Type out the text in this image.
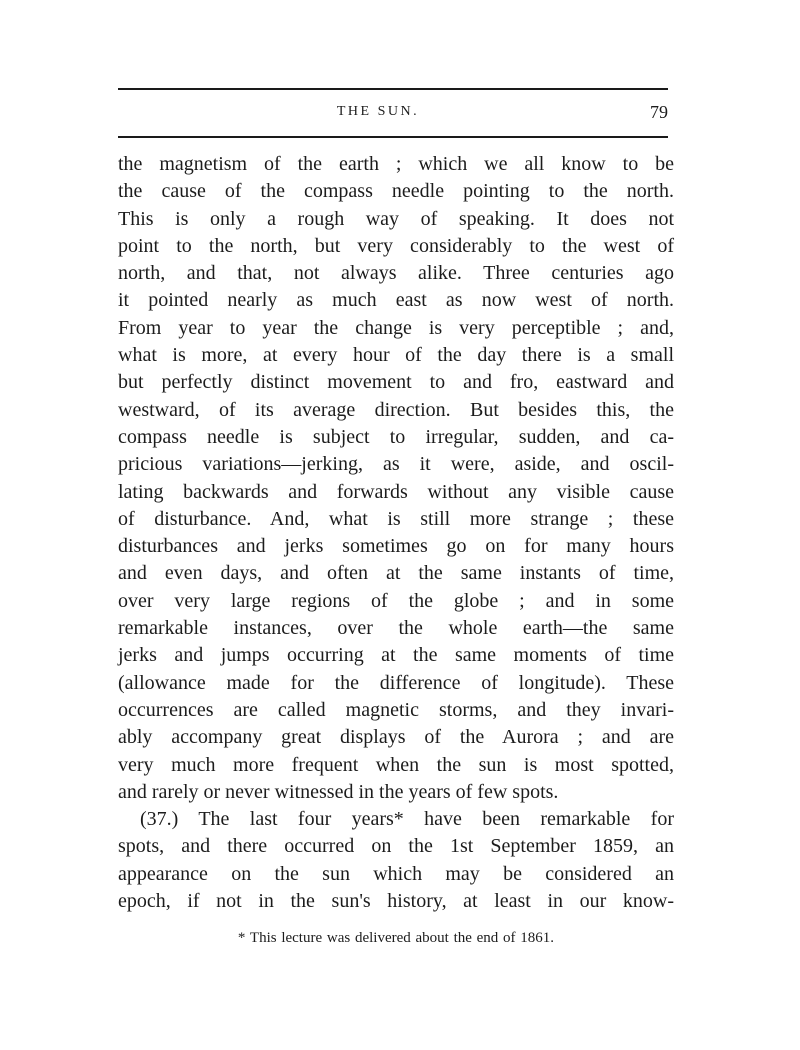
THE SUN.	79
the magnetism of the earth ; which we all know to be
the cause of the compass needle pointing to the north.
This is only a rough way of speaking. It does not
point to the north, but very considerably to the west of
north, and that, not always alike. Three centuries ago
it pointed nearly as much east as now west of north.
From year to year the change is very perceptible ; and,
what is more, at every hour of the day there is a small
but perfectly distinct movement to and fro, eastward and
westward, of its average direction. But besides this, the
compass needle is subject to irregular, sudden, and ca-
pricious variations—jerking, as it were, aside, and oscil-
lating backwards and forwards without any visible cause
of disturbance. And, what is still more strange ; these
disturbances and jerks sometimes go on for many hours
and even days, and often at the same instants of time,
over very large regions of the globe ; and in some
remarkable instances, over the whole earth—the same
jerks and jumps occurring at the same moments of time
(allowance made for the difference of longitude). These
occurrences are called magnetic storms, and they invari-
ably accompany great displays of the Aurora ; and are
very much more frequent when the sun is most spotted,
and rarely or never witnessed in the years of few spots.
(37.) The last four years* have been remarkable for
spots, and there occurred on the 1st September 1859, an
appearance on the sun which may be considered an
epoch, if not in the sun's history, at least in our know-
* This lecture was delivered about the end of 1861.
